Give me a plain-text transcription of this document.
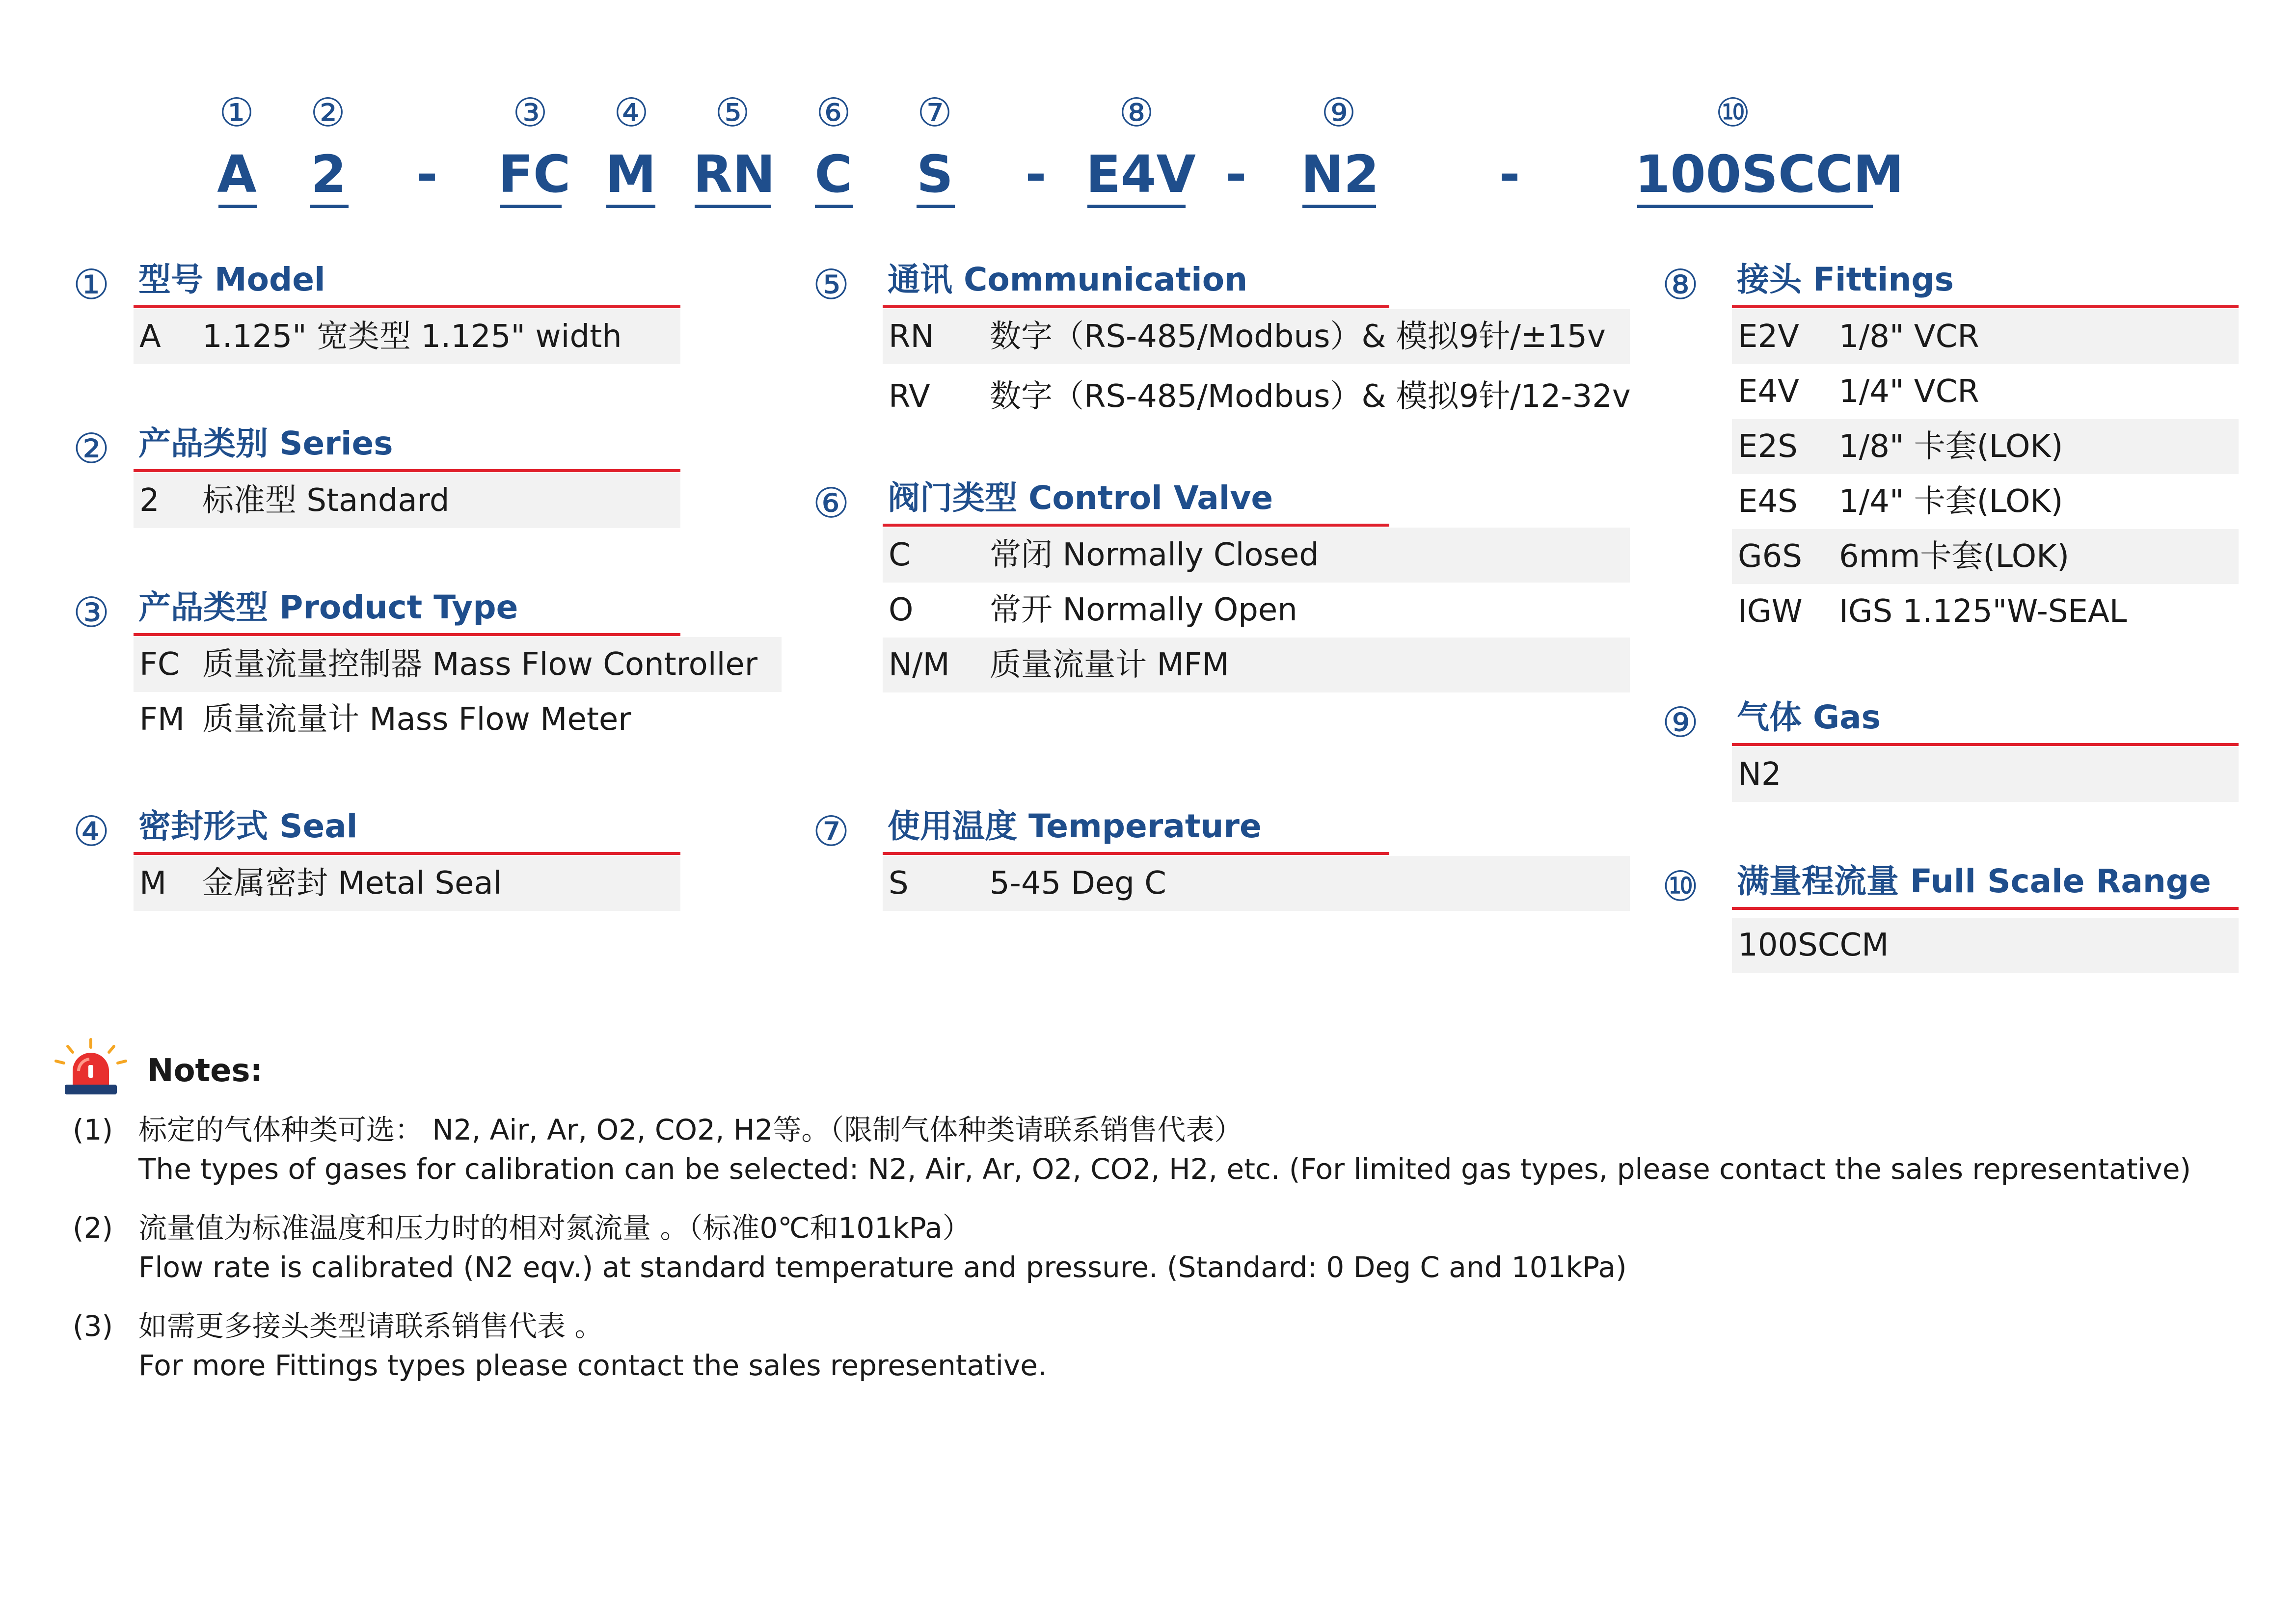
①	②	③	④	⑤	⑥	⑦	⑧	⑨	⑩
A 2	FC M RN C S	E4V N2	100SCCM
-	-	-	-
① 型号 Model
A 1.125" 宽类型 1.125" width
② 产品类别 Series
2 标准型 Standard
③ 产品类型 Product Type
FC 质量流量控制器 Mass Flow Controller
FM 质量流量计 Mass Flow Meter
④ 密封形式 Seal
M 金属密封 Metal Seal
⑤ 通讯 Communication
RN 数字（RS-485/Modbus）& 模拟9针/±15v
RV 数字（RS-485/Modbus）& 模拟9针/12-32v
⑥ 阀门类型 Control Valve
C	常闭 Normally Closed
O 常开 Normally Open
N/M 质量流量计 MFM
⑦ 使用温度 Temperature
S	5-45 Deg C
⑧ 接头 Fittings
E2V 1/8" VCR
E4V 1/4" VCR
E2S 1/8" 卡套(LOK)
E4S 1/4" 卡套(LOK)
G6S 6mm卡套(LOK)
IGW IGS 1.125"W-SEAL
⑨ 气体 Gas
N2
⑩ 满量程流量 Full Scale Range
100SCCM
Notes:
(1) 标定的气体种类可选： N2, Air, Ar, O2, CO2, H2等。（限制气体种类请联系销售代表）
The types of gases for calibration can be selected: N2, Air, Ar, O2, CO2, H2, etc. (For limited gas types, please contact the sales representative)
(2) 流量值为标准温度和压力时的相对氮流量 。（标准0℃和101kPa）
Flow rate is calibrated (N2 eqv.) at standard temperature and pressure. (Standard: 0 Deg C and 101kPa)
(3) 如需更多接头类型请联系销售代表 。
For more Fittings types please contact the sales representative.
